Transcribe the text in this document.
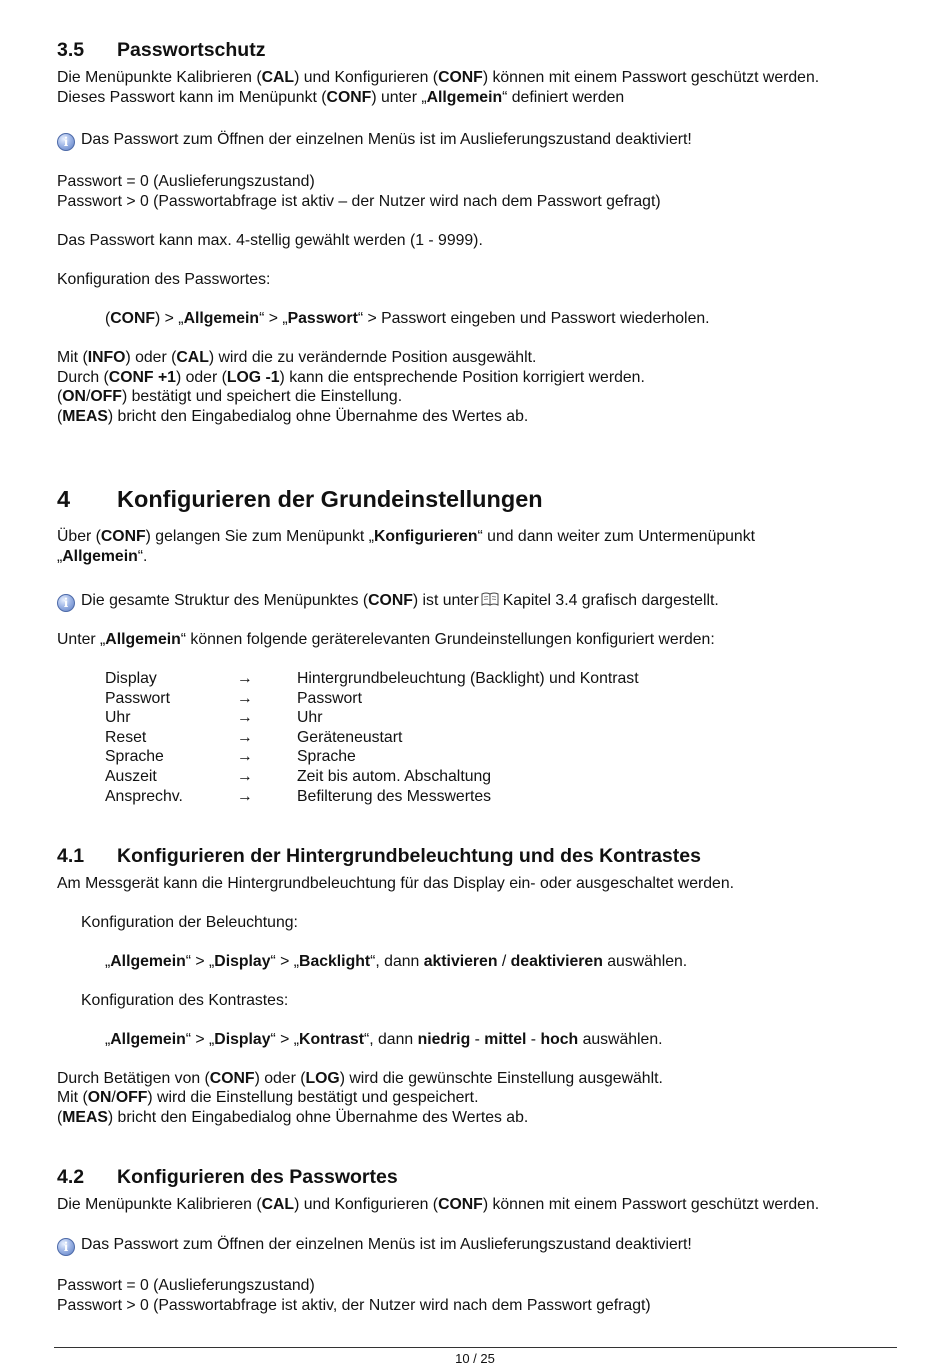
3.5	Passwortschutz

Die Menüpunkte Kalibrieren (CAL) und Konfigurieren (CONF) können mit einem Passwort geschützt werden.

Dieses Passwort kann im Menüpunkt (CONF) unter „Allgemein“ definiert werden

i Das Passwort zum Öffnen der einzelnen Menüs ist im Auslieferungszustand deaktiviert!

Passwort = 0 (Auslieferungszustand)

Passwort > 0 (Passwortabfrage ist aktiv – der Nutzer wird nach dem Passwort gefragt)

Das Passwort kann max. 4-stellig gewählt werden (1 - 9999).

Konfiguration des Passwortes:

(CONF) > „Allgemein“ > „Passwort“ > Passwort eingeben und Passwort wiederholen.

Mit (INFO) oder (CAL) wird die zu verändernde Position ausgewählt.

Durch (CONF +1) oder (LOG -1) kann die entsprechende Position korrigiert werden.

(ON/OFF) bestätigt und speichert die Einstellung.

(MEAS) bricht den Eingabedialog ohne Übernahme des Wertes ab.

4	Konfigurieren der Grundeinstellungen

Über (CONF) gelangen Sie zum Menüpunkt „Konfigurieren“ und dann weiter zum Untermenüpunkt

„Allgemein“.

i Die gesamte Struktur des Menüpunktes (CONF) ist unter Kapitel 3.4 grafisch dargestellt.

Unter „Allgemein“ können folgende geräterelevanten Grundeinstellungen konfiguriert werden:

Display	→	Hintergrundbeleuchtung (Backlight) und Kontrast
Passwort	→	Passwort
Uhr	→	Uhr
Reset	→	Geräteneustart
Sprache	→	Sprache
Auszeit	→	Zeit bis autom. Abschaltung
Ansprechv.	→	Befilterung des Messwertes
4.1	Konfigurieren der Hintergrundbeleuchtung und des Kontrastes

Am Messgerät kann die Hintergrundbeleuchtung für das Display ein- oder ausgeschaltet werden.

Konfiguration der Beleuchtung:

„Allgemein“ > „Display“ > „Backlight“, dann aktivieren / deaktivieren auswählen.

Konfiguration des Kontrastes:

„Allgemein“ > „Display“ > „Kontrast“, dann niedrig - mittel - hoch auswählen.

Durch Betätigen von (CONF) oder (LOG) wird die gewünschte Einstellung ausgewählt.

Mit (ON/OFF) wird die Einstellung bestätigt und gespeichert.

(MEAS) bricht den Eingabedialog ohne Übernahme des Wertes ab.

4.2	Konfigurieren des Passwortes

Die Menüpunkte Kalibrieren (CAL) und Konfigurieren (CONF) können mit einem Passwort geschützt werden.

i Das Passwort zum Öffnen der einzelnen Menüs ist im Auslieferungszustand deaktiviert!

Passwort = 0 (Auslieferungszustand)

Passwort > 0 (Passwortabfrage ist aktiv, der Nutzer wird nach dem Passwort gefragt)

10 / 25
